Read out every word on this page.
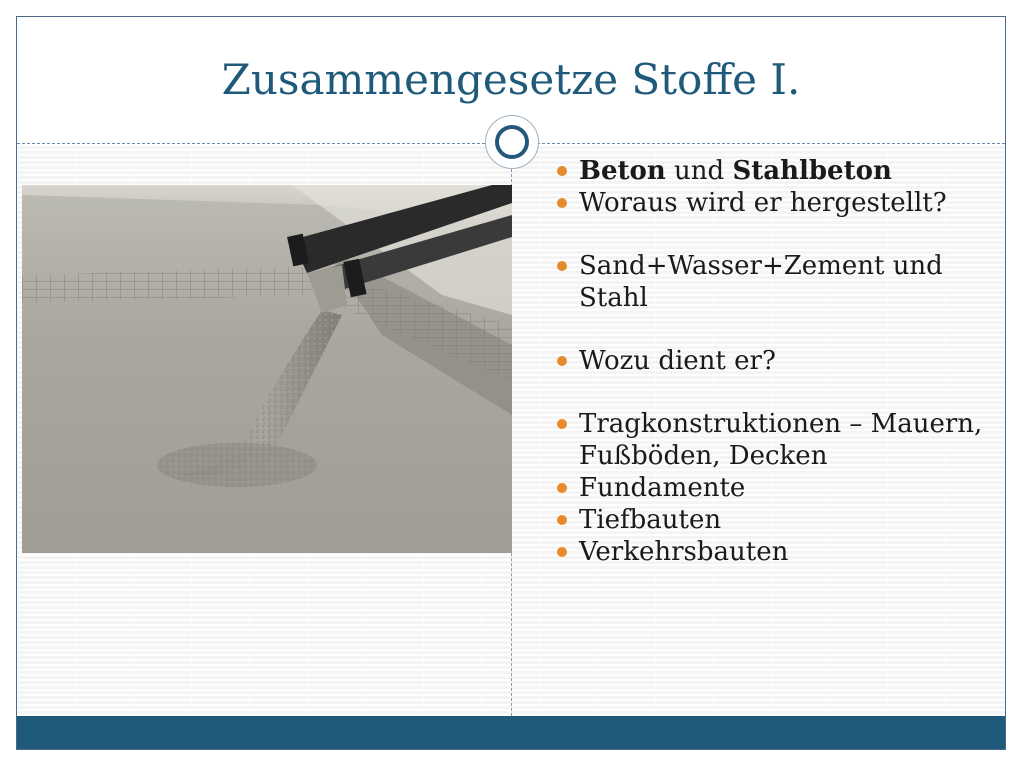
Zusammengesetze Stoffe I.
Beton und Stahlbeton
Woraus wird er hergestellt?
Sand+Wasser+Zement und Stahl
Wozu dient er?
Tragkonstruktionen – Mauern, Fußböden, Decken
Fundamente
Tiefbauten
Verkehrsbauten
